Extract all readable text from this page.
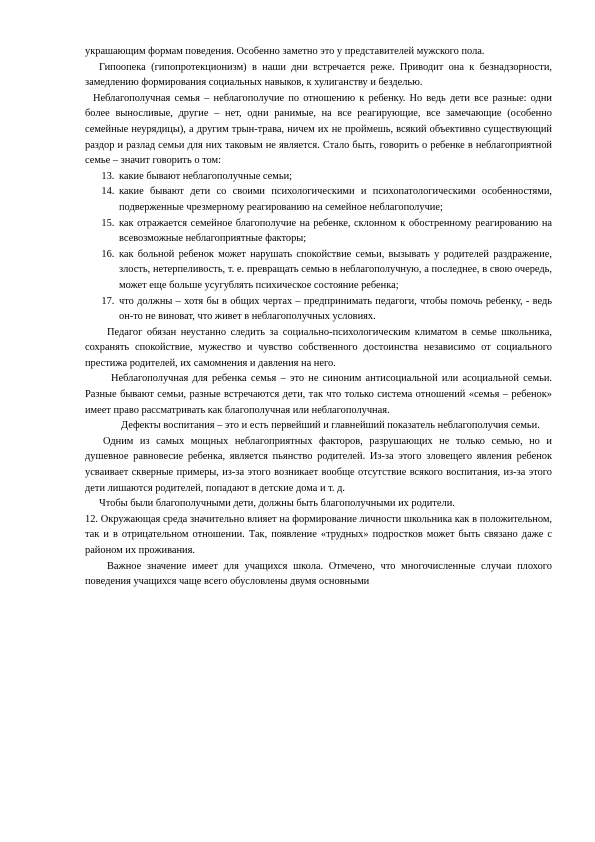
украшающим формам поведения. Особенно заметно это у представителей мужского пола.

Гипоопека (гипопротекционизм) в наши дни встречается реже. Приводит она к безнадзорности, замедлению формирования социальных навыков, к хулиганству и безделью.

Неблагополучная семья – неблагополучие по отношению к ребенку. Но ведь дети все разные: одни более выносливые, другие – нет, одни ранимые, на все реагирующие, все замечающие (особенно семейные неурядицы), а другим трын-трава, ничем их не проймешь, всякий объективно существующий раздор и разлад семьи для них таковым не является. Стало быть, говорить о ребенке в неблагоприятной семье – значит говорить о том:

13. какие бывают неблагополучные семьи;
14. какие бывают дети со своими психологическими и психопатологическими особенностями, подверженные чрезмерному реагированию на семейное неблагополучие;
15. как отражается семейное благополучие на ребенке, склонном к обостренному реагированию на всевозможные неблагоприятные факторы;
16. как больной ребенок может нарушать спокойствие семьи, вызывать у родителей раздражение, злость, нетерпеливость, т. е. превращать семью в неблагополучную, а последнее, в свою очередь, может еще больше усугублять психическое состояние ребенка;
17. что должны – хотя бы в общих чертах – предпринимать педагоги, чтобы помочь ребенку, - ведь он-то не виноват, что живет в неблагополучных условиях.

Педагог обязан неустанно следить за социально-психологическим климатом в семье школьника, сохранять спокойствие, мужество и чувство собственного достоинства независимо от социального престижа родителей, их самомнения и давления на него.

Неблагополучная для ребенка семья – это не синоним антисоциальной или асоциальной семьи. Разные бывают семьи, разные встречаются дети, так что только система отношений «семья – ребенок» имеет право рассматривать как благополучная или неблагополучная.

Дефекты воспитания – это и есть первейший и главнейший показатель неблагополучия семьи.

Одним из самых мощных неблагоприятных факторов, разрушающих не только семью, но и душевное равновесие ребенка, является пьянство родителей. Из-за этого зловещего явления ребенок усваивает скверные примеры, из-за этого возникает вообще отсутствие всякого воспитания, из-за этого дети лишаются родителей, попадают в детские дома и т. д.

Чтобы были благополучными дети, должны быть благополучными их родители.

12. Окружающая среда значительно влияет на формирование личности школьника как в положительном, так и в отрицательном отношении. Так, появление «трудных» подростков может быть связано даже с районом их проживания.

Важное значение имеет для учащихся школа. Отмечено, что многочисленные случаи плохого поведения учащихся чаще всего обусловлены двумя основными
